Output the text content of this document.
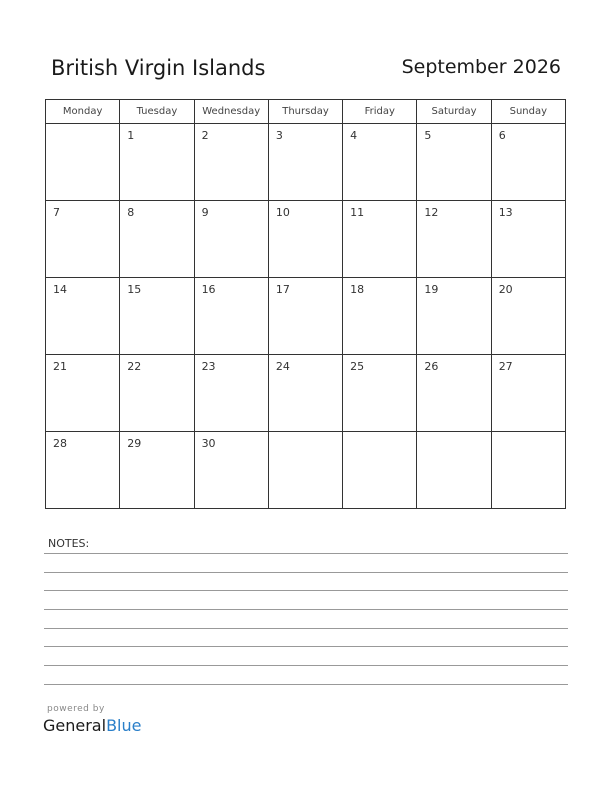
British Virgin Islands	September 2026
Monday	Tuesday	Wednesday	Thursday	Friday	Saturday	Sunday

	1	2	3	4	5	6

7	8	9	10	11	12	13

14	15	16	17	18	19	20

21	22	23	24	25	26	27

28	29	30				

NOTES:
powered by
GeneralBlue
